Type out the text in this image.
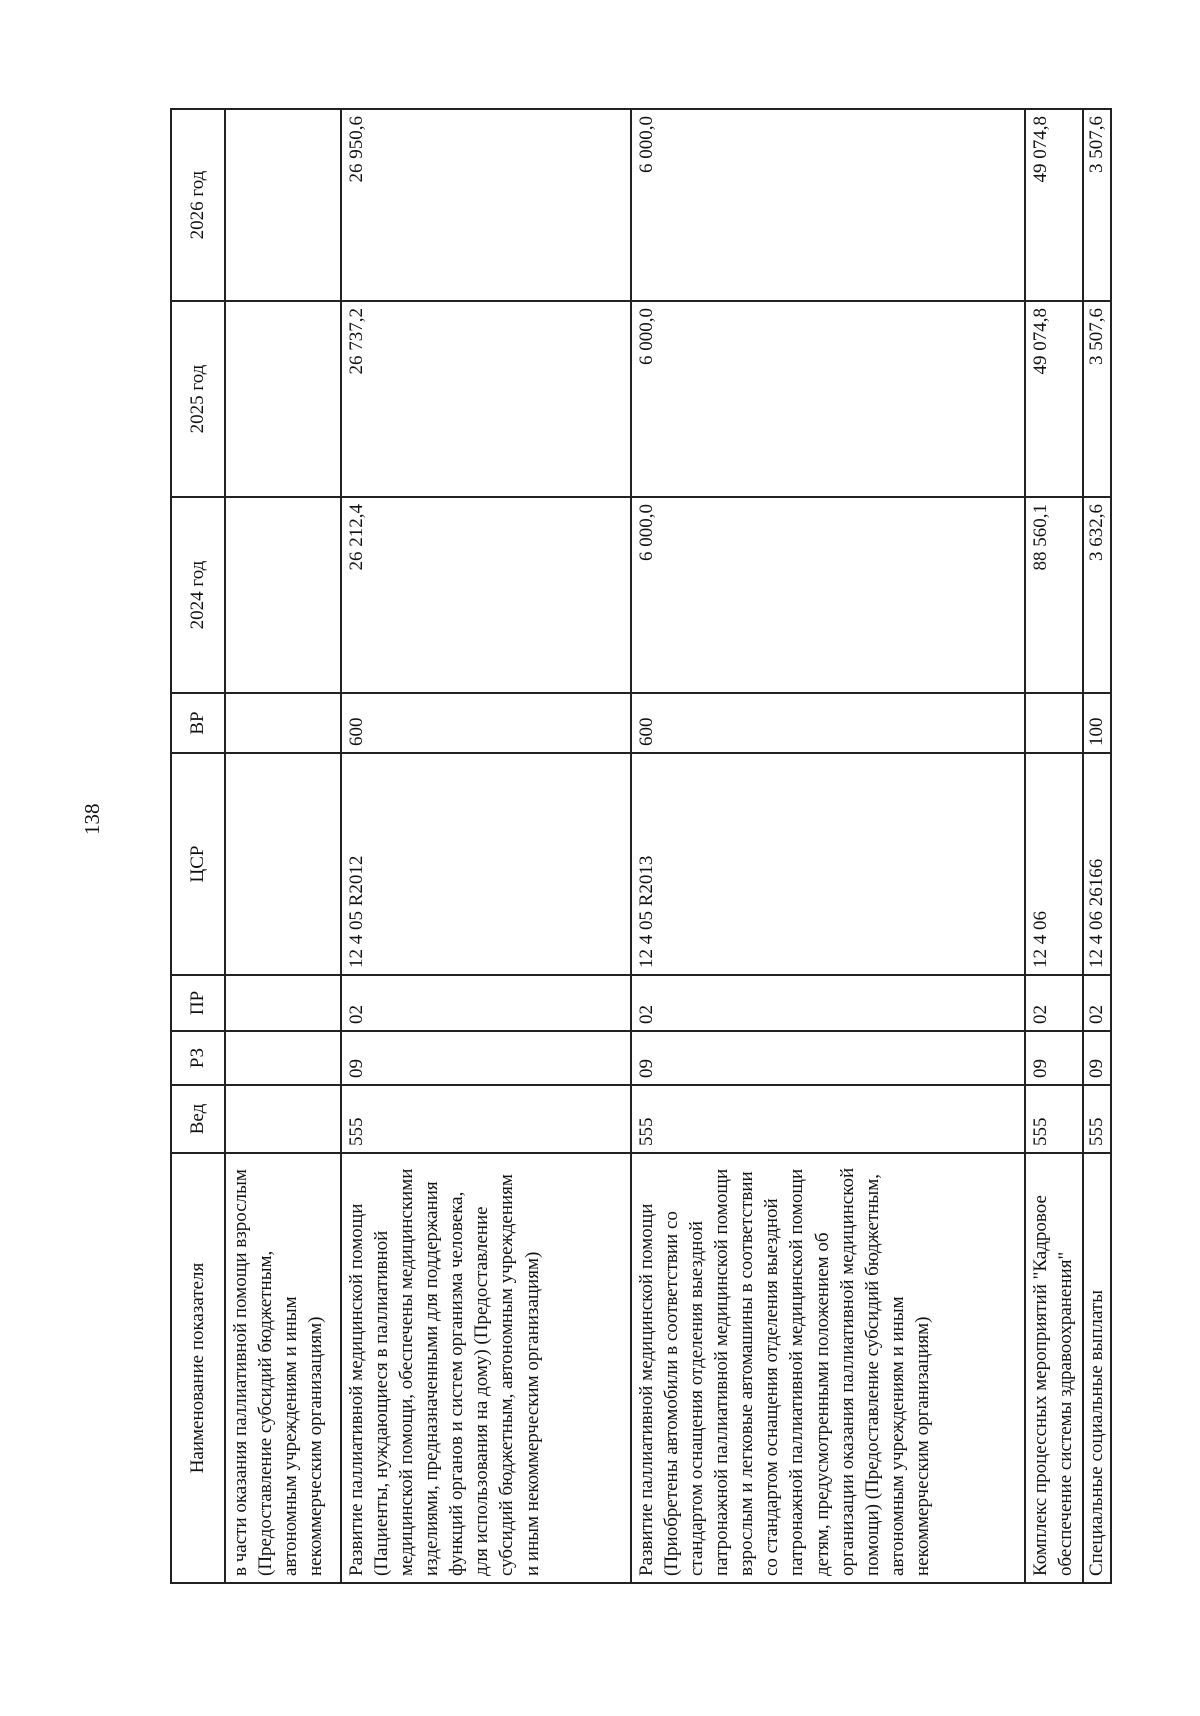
138
Наименование показателя	Вед	РЗ	ПР	ЦСР	ВР	2024 год	2025 год	2026 год
в части оказания паллиативной помощи взрослым (Предоставление субсидий бюджетным, автономным учреждениям и иным некоммерческим организациям)								
Развитие паллиативной медицинской помощи (Пациенты, нуждающиеся в паллиативной медицинской помощи, обеспечены медицинскими изделиями, предназначенными для поддержания функций органов и систем организма человека, для использования на дому) (Предоставление субсидий бюджетным, автономным учреждениям и иным некоммерческим организациям)	555	09	02	12 4 05 R2012	600	26 212,4	26 737,2	26 950,6
Развитие паллиативной медицинской помощи (Приобретены автомобили в соответствии со стандартом оснащения отделения выездной патронажной паллиативной медицинской помощи взрослым и легковые автомашины в соответствии со стандартом оснащения отделения выездной патронажной паллиативной медицинской помощи детям, предусмотренными положением об организации оказания паллиативной медицинской помощи) (Предоставление субсидий бюджетным, автономным учреждениям и иным некоммерческим организациям)	555	09	02	12 4 05 R2013	600	6 000,0	6 000,0	6 000,0
Комплекс процессных мероприятий "Кадровое обеспечение системы здравоохранения"	555	09	02	12 4 06		88 560,1	49 074,8	49 074,8
Специальные социальные выплаты	555	09	02	12 4 06 26166	100	3 632,6	3 507,6	3 507,6
